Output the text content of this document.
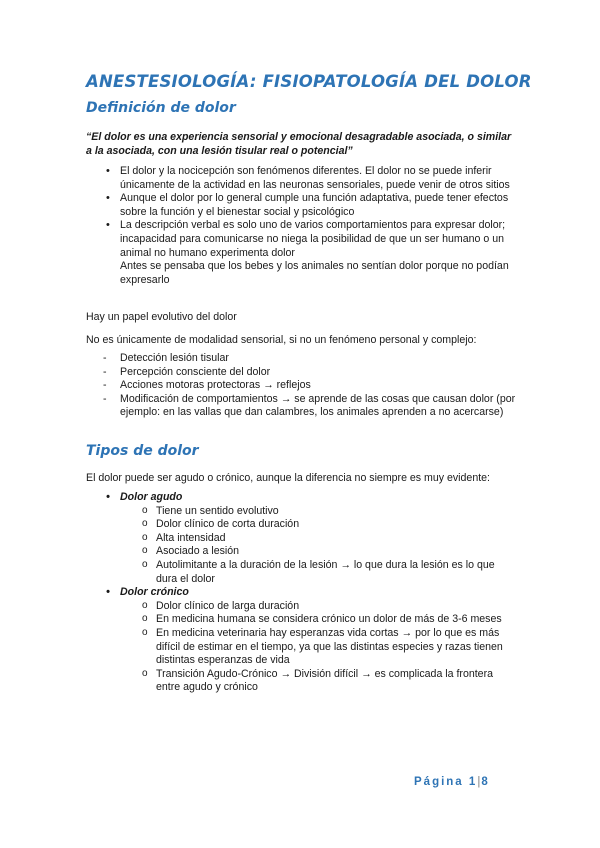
ANESTESIOLOGÍA: FISIOPATOLOGÍA DEL DOLOR
Definición de dolor
“El dolor es una experiencia sensorial y emocional desagradable asociada, o similar a la asociada, con una lesión tisular real o potencial”
• El dolor y la nocicepción son fenómenos diferentes. El dolor no se puede inferir únicamente de la actividad en las neuronas sensoriales, puede venir de otros sitios
• Aunque el dolor por lo general cumple una función adaptativa, puede tener efectos sobre la función y el bienestar social y psicológico
• La descripción verbal es solo uno de varios comportamientos para expresar dolor; incapacidad para comunicarse no niega la posibilidad de que un ser humano o un animal no humano experimenta dolor
Antes se pensaba que los bebes y los animales no sentían dolor porque no podían expresarlo
Hay un papel evolutivo del dolor
No es únicamente de modalidad sensorial, si no un fenómeno personal y complejo:
- Detección lesión tisular
- Percepción consciente del dolor
- Acciones motoras protectoras → reflejos
- Modificación de comportamientos → se aprende de las cosas que causan dolor (por ejemplo: en las vallas que dan calambres, los animales aprenden a no acercarse)
Tipos de dolor
El dolor puede ser agudo o crónico, aunque la diferencia no siempre es muy evidente:
• Dolor agudo
o Tiene un sentido evolutivo
o Dolor clínico de corta duración
o Alta intensidad
o Asociado a lesión
o Autolimitante a la duración de la lesión → lo que dura la lesión es lo que dura el dolor
• Dolor crónico
o Dolor clínico de larga duración
o En medicina humana se considera crónico un dolor de más de 3-6 meses
o En medicina veterinaria hay esperanzas vida cortas → por lo que es más difícil de estimar en el tiempo, ya que las distintas especies y razas tienen distintas esperanzas de vida
o Transición Agudo-Crónico → División difícil → es complicada la frontera entre agudo y crónico
Página 1|8
